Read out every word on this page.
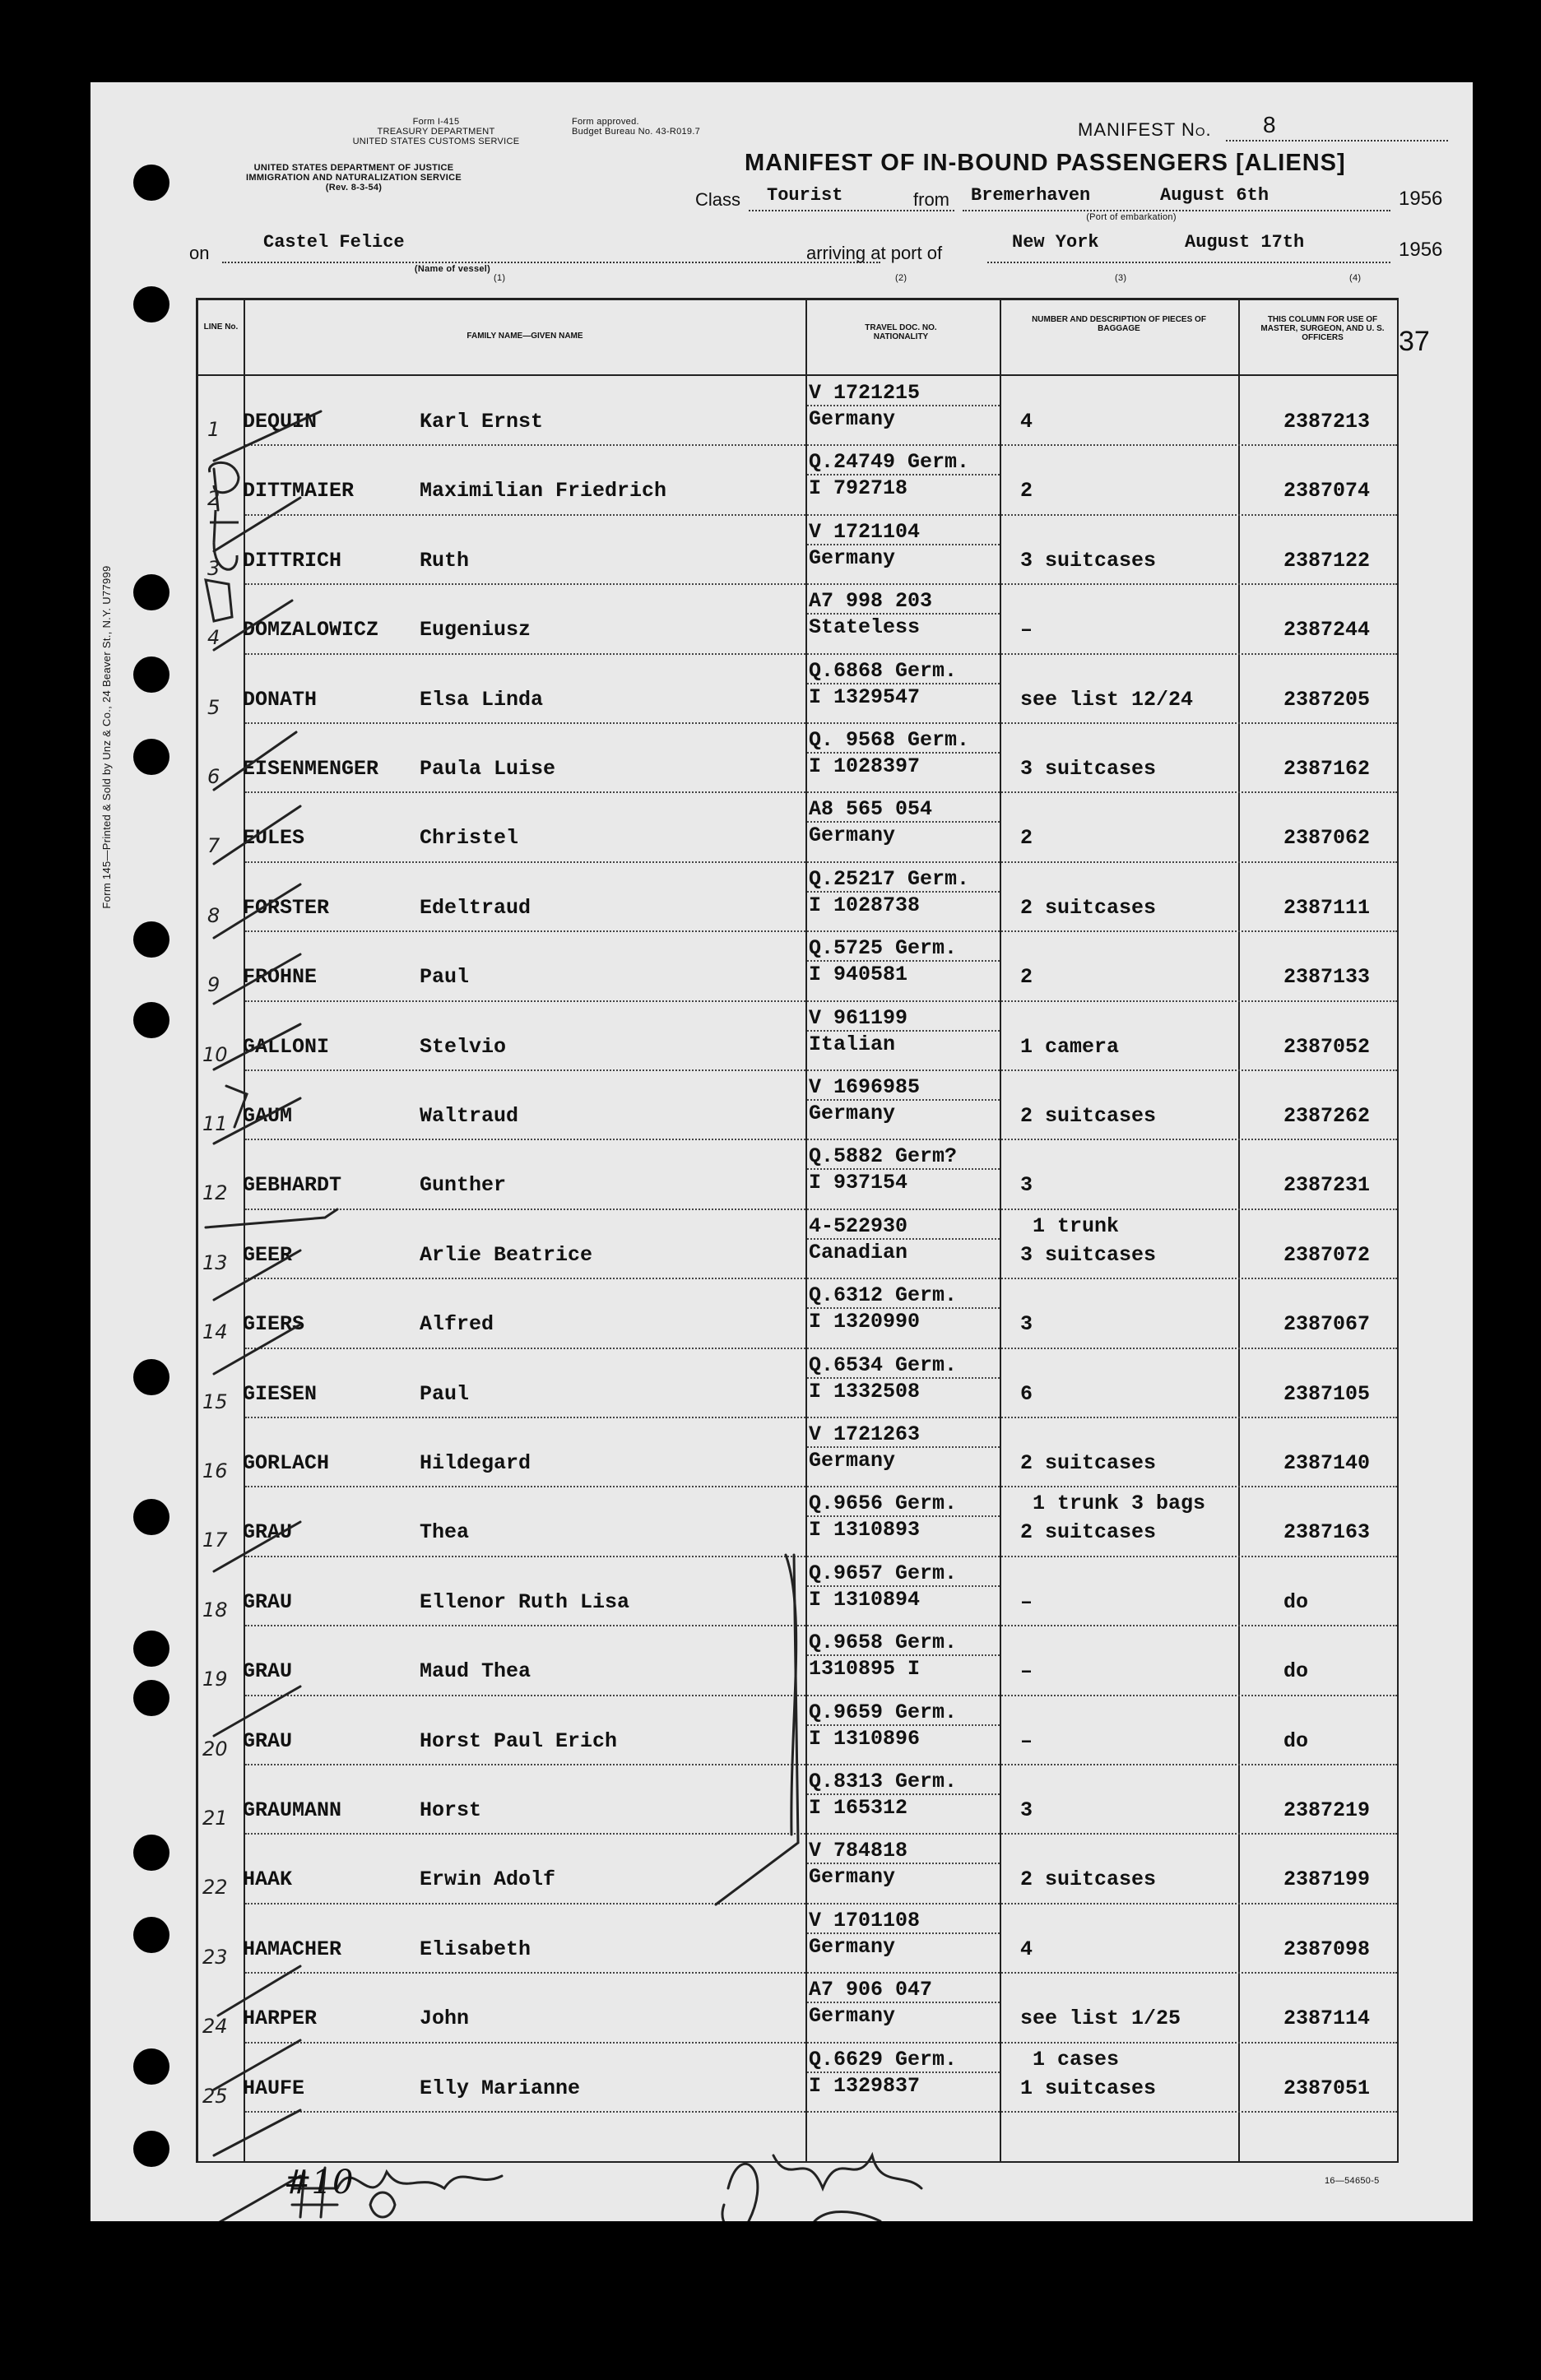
Form 145—Printed & Sold by Unz & Co., 24 Beaver St., N.Y. U77999
Form I-415
TREASURY DEPARTMENT
UNITED STATES CUSTOMS SERVICE
UNITED STATES DEPARTMENT OF JUSTICE
IMMIGRATION AND NATURALIZATION SERVICE
(Rev. 8-3-54)
Form approved.
Budget Bureau No. 43-R019.7	MANIFEST No. 8
MANIFEST OF IN-BOUND PASSENGERS [ALIENS]
Class Tourist	from Bremerhaven	August 6th
(Port of embarkation)
1956
on
Castel Felice
(Name of vessel)
arriving at port of
New York	August 17th	1956
(1)	(2)	(3)	(4)
LINE No.
FAMILY NAME—GIVEN NAME
TRAVEL DOC. NO. NATIONALITY
NUMBER AND DESCRIPTION OF PIECES OF BAGGAGE
THIS COLUMN FOR USE OF MASTER, SURGEON, AND U. S. OFFICERS	37
1 DEQUIN	Karl Ernst
V 1721215
Germany	4	2387213
2 DITTMAIER	Maximilian Friedrich
Q.24749 Germ.
I 792718	2	2387074
3 DITTRICH	Ruth
V 1721104
Germany	3 suitcases	2387122
4 DOMZALOWICZ Eugeniusz
A7 998 203
Stateless	–	2387244
5 DONATH	Elsa Linda
Q.6868 Germ.
I 1329547	see list 12/24	2387205
6 EISENMENGER Paula Luise
Q. 9568 Germ.
I 1028397	3 suitcases	2387162
7 EULES	Christel
A8 565 054
Germany	2	2387062
8 FORSTER	Edeltraud
Q.25217 Germ.
I 1028738	2 suitcases	2387111
9 FROHNE	Paul
Q.5725 Germ.
I 940581	2	2387133
10 GALLONI	Stelvio
V 961199
Italian	1 camera	2387052
11 GAUM	Waltraud
V 1696985
Germany	2 suitcases	2387262
12 GEBHARDT	Gunther
Q.5882 Germ?
I 937154	3	2387231
13 GEER	Arlie Beatrice
4-522930
Canadian
1 trunk
3 suitcases	2387072
14 GIERS	Alfred
Q.6312 Germ.
I 1320990	3	2387067
15 GIESEN	Paul
Q.6534 Germ.
I 1332508	6	2387105
16 GORLACH	Hildegard
V 1721263
Germany	2 suitcases	2387140
17 GRAU	Thea
Q.9656 Germ.
I 1310893
1 trunk 3 bags
2 suitcases	2387163
18 GRAU	Ellenor Ruth Lisa
Q.9657 Germ.
I 1310894	–	do
19 GRAU	Maud Thea
Q.9658 Germ.
1310895 I	–	do
20 GRAU	Horst Paul Erich
Q.9659 Germ.
I 1310896	–	do
21 GRAUMANN	Horst
Q.8313 Germ.
I 165312	3	2387219
22 HAAK	Erwin Adolf
V 784818
Germany	2 suitcases	2387199
23 HAMACHER	Elisabeth
V 1701108
Germany	4	2387098
24 HARPER	John
A7 906 047
Germany	see list 1/25	2387114
25 HAUFE	Elly Marianne
Q.6629 Germ.
I 1329837
1 cases
1 suitcases	2387051
#10	16—54650-5
